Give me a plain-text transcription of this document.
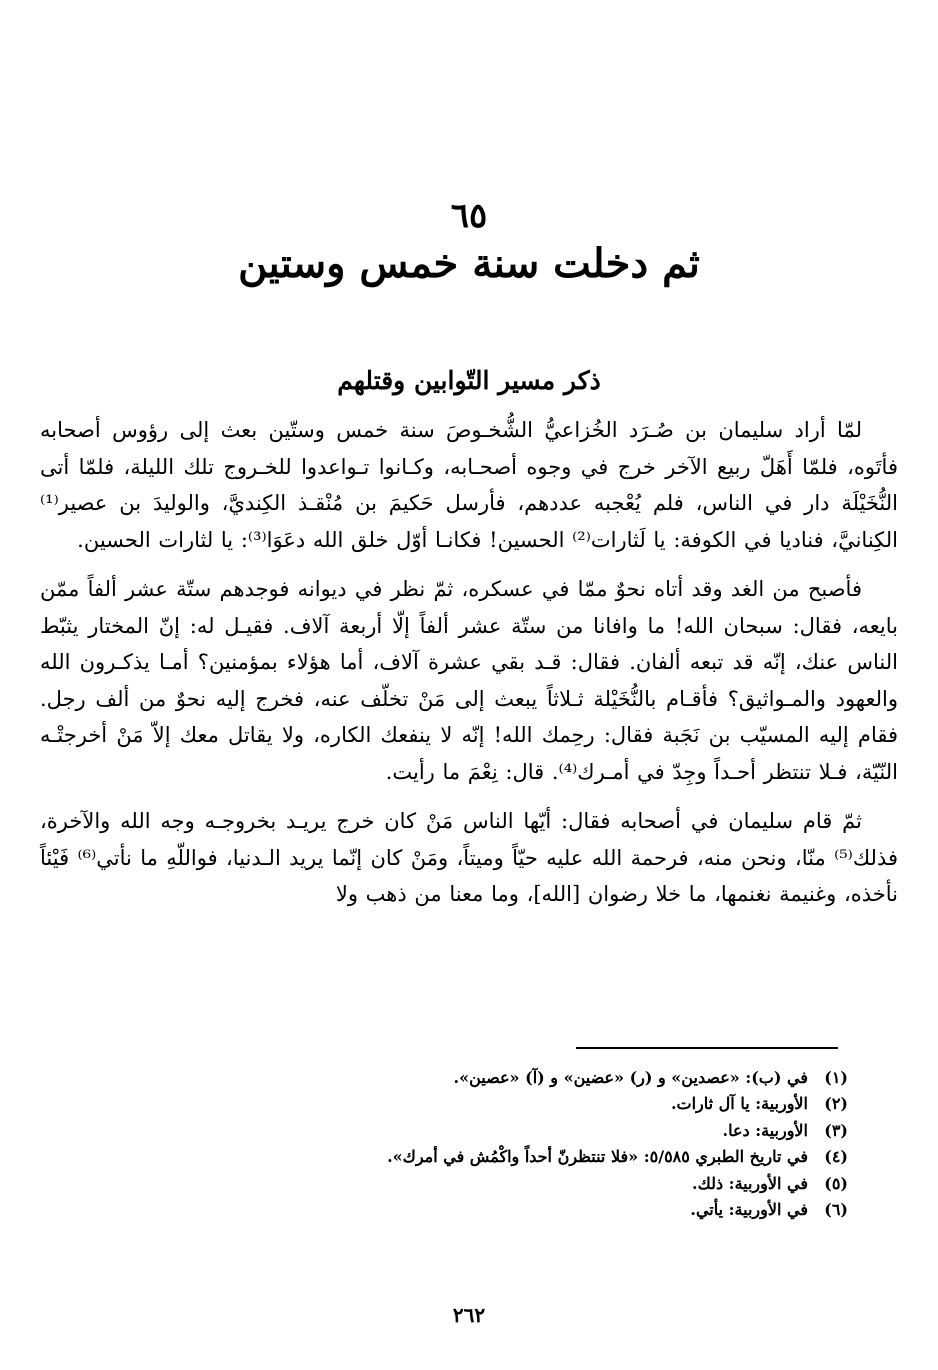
٦٥
ثم دخلت سنة خمس وستين
ذكر مسير التّوابين وقتلهم

لمّا أراد سليمان بن صُـرَد الخُزاعيُّ الشُّخـوصَ سنة خمس وستّين بعث إلى رؤوس أصحابه فأتَوه، فلمّا أَهَلّ ربيع الآخر خرج في وجوه أصحـابه، وكـانوا تـواعدوا للخـروج تلك الليلة، فلمّا أتى النُّخَيْلَة دار في الناس، فلم يُعْجبه عددهم، فأرسل حَكيمَ بن مُنْقـذ الكِنديَّ، والوليدَ بن عصير⁽¹⁾ الكِنانيَّ، فناديا في الكوفة: يا لَثارات⁽²⁾ الحسين! فكانـا أوّل خلق الله دعَوَا⁽³⁾: يا لثارات الحسين.

فأصبح من الغد وقد أتاه نحوٌ ممّا في عسكره، ثمّ نظر في ديوانه فوجدهم ستّة عشر ألفاً ممّن بايعه، فقال: سبحان الله! ما وافانا من ستّة عشر ألفاً إلّا أربعة آلاف. فقيـل له: إنّ المختار يثبّط الناس عنك، إنّه قد تبعه ألفان. فقال: قـد بقي عشرة آلاف، أما هؤلاء بمؤمنين؟ أمـا يذكـرون الله والعهود والمـواثيق؟ فأقـام بالنُّخَيْلة ثـلاثاً يبعث إلى مَنْ تخلّف عنه، فخرج إليه نحوٌ من ألف رجل. فقام إليه المسيّب بن نَجَبة فقال: رحِمك الله! إنّه لا ينفعك الكاره، ولا يقاتل معك إلاّ مَنْ أخرجتْـه النّيّة، فـلا تنتظر أحـداً وجِدّ في أمـرك⁽⁴⁾. قال: نِعْمَ ما رأيت.

ثمّ قام سليمان في أصحابه فقال: أيّها الناس مَنْ كان خرج يريـد بخروجـه وجه الله والآخرة، فذلك⁽⁵⁾ منّا، ونحن منه، فرحمة الله عليه حيّاً وميتاً، ومَنْ كان إنّما يريد الـدنيا، فواللّهِ ما نأتي⁽⁶⁾ فَيْئاً نأخذه، وغنيمة نغنمها، ما خلا رضوان [الله]، وما معنا من ذهب ولا

(١)
في (ب): «عصدين» و (ر) «عضين» و (آ) «عصين».
(٢)
الأوربية: يا آل ثارات.
(٣)
الأوربية: دعا.
(٤)
في تاريخ الطبري ٥/٥٨٥: «فلا تنتظرنّ أحداً واكْمُش في أمرك».
(٥)
في الأوربية: ذلك.
(٦)
في الأوربية: يأتي.
٢٦٢
